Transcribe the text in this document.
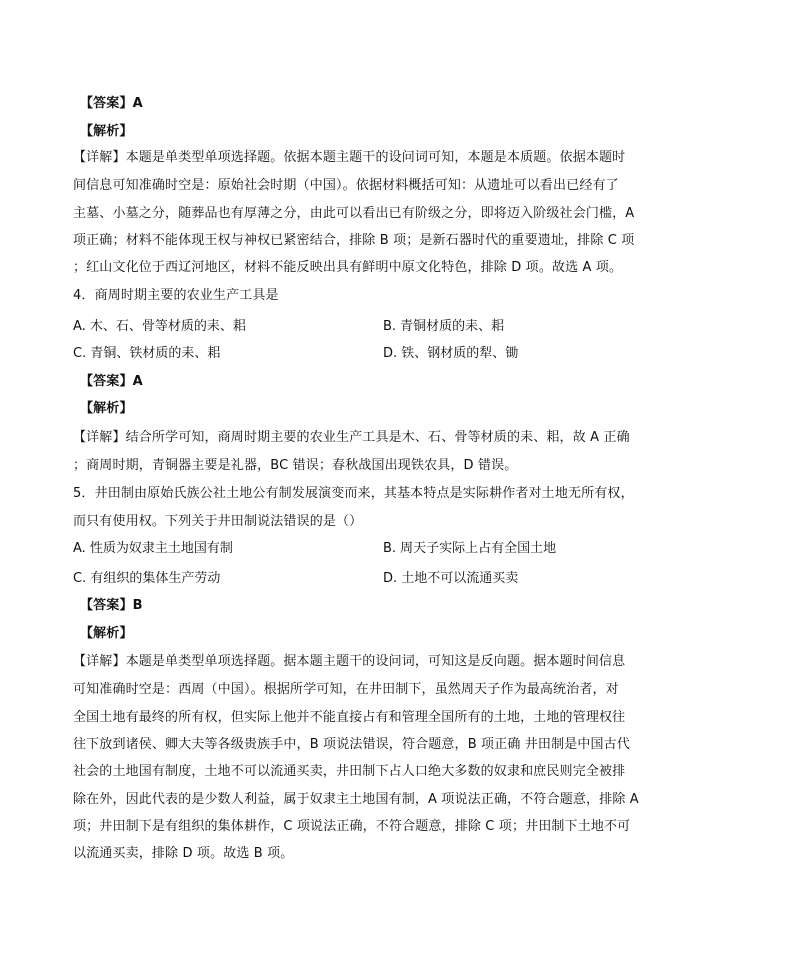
【答案】A
【解析】
【详解】本题是单类型单项选择题。依据本题主题干的设问词可知，本题是本质题。依据本题时
间信息可知准确时空是：原始社会时期（中国）。依据材料概括可知：从遗址可以看出已经有了
主墓、小墓之分，随葬品也有厚薄之分，由此可以看出已有阶级之分，即将迈入阶级社会门槛，A
项正确；材料不能体现王权与神权已紧密结合，排除 B 项；是新石器时代的重要遗址，排除 C 项
；红山文化位于西辽河地区，材料不能反映出具有鲜明中原文化特色，排除 D 项。故选 A 项。
4．商周时期主要的农业生产工具是
A. 木、石、骨等材质的耒、耜	B. 青铜材质的耒、耜
C. 青铜、铁材质的耒、耜	D. 铁、钢材质的犁、锄
【答案】A
【解析】
【详解】结合所学可知，商周时期主要的农业生产工具是木、石、骨等材质的耒、耜，故 A 正确
；商周时期，青铜器主要是礼器，BC 错误；春秋战国出现铁农具，D 错误。
5．井田制由原始氏族公社土地公有制发展演变而来，其基本特点是实际耕作者对土地无所有权，
而只有使用权。下列关于井田制说法错误的是（）
A. 性质为奴隶主土地国有制	B. 周天子实际上占有全国土地
C. 有组织的集体生产劳动	D. 土地不可以流通买卖
【答案】B
【解析】
【详解】本题是单类型单项选择题。据本题主题干的设问词，可知这是反向题。据本题时间信息
可知准确时空是：西周（中国）。根据所学可知，在井田制下，虽然周天子作为最高统治者，对
全国土地有最终的所有权，但实际上他并不能直接占有和管理全国所有的土地，土地的管理权往
往下放到诸侯、卿大夫等各级贵族手中，B 项说法错误，符合题意，B 项正确 井田制是中国古代
社会的土地国有制度，土地不可以流通买卖，井田制下占人口绝大多数的奴隶和庶民则完全被排
除在外，因此代表的是少数人利益，属于奴隶主土地国有制，A 项说法正确，不符合题意，排除 A
项；井田制下是有组织的集体耕作，C 项说法正确，不符合题意，排除 C 项；井田制下土地不可
以流通买卖，排除 D 项。故选 B 项。
